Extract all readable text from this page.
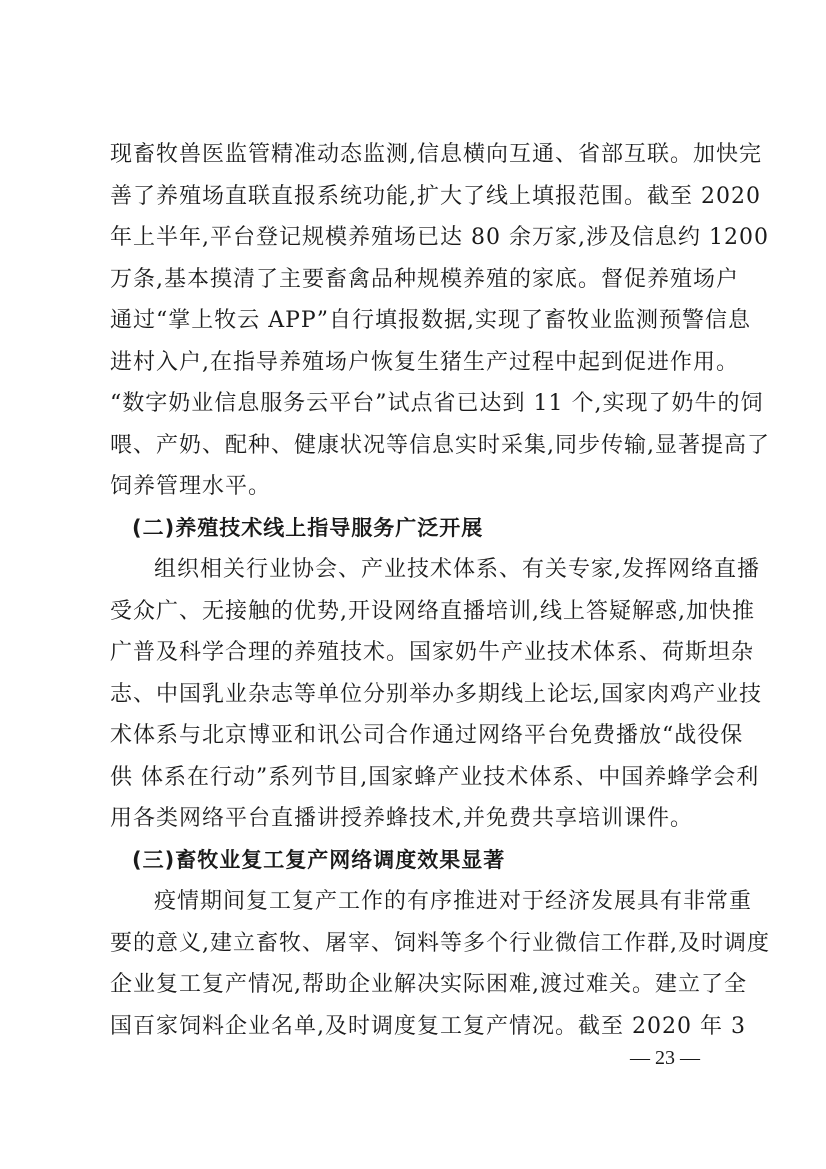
现畜牧兽医监管精准动态监测,信息横向互通、省部互联。加快完
善了养殖场直联直报系统功能,扩大了线上填报范围。截至 2020
年上半年,平台登记规模养殖场已达 80 余万家,涉及信息约 1200
万条,基本摸清了主要畜禽品种规模养殖的家底。督促养殖场户
通过“掌上牧云 APP”自行填报数据,实现了畜牧业监测预警信息
进村入户,在指导养殖场户恢复生猪生产过程中起到促进作用。
“数字奶业信息服务云平台”试点省已达到 11 个,实现了奶牛的饲
喂、产奶、配种、健康状况等信息实时采集,同步传输,显著提高了
饲养管理水平。
(二)养殖技术线上指导服务广泛开展
组织相关行业协会、产业技术体系、有关专家,发挥网络直播
受众广、无接触的优势,开设网络直播培训,线上答疑解惑,加快推
广普及科学合理的养殖技术。国家奶牛产业技术体系、荷斯坦杂
志、中国乳业杂志等单位分别举办多期线上论坛,国家肉鸡产业技
术体系与北京博亚和讯公司合作通过网络平台免费播放“战役保
供 体系在行动”系列节目,国家蜂产业技术体系、中国养蜂学会利
用各类网络平台直播讲授养蜂技术,并免费共享培训课件。
(三)畜牧业复工复产网络调度效果显著
疫情期间复工复产工作的有序推进对于经济发展具有非常重
要的意义,建立畜牧、屠宰、饲料等多个行业微信工作群,及时调度
企业复工复产情况,帮助企业解决实际困难,渡过难关。建立了全
国百家饲料企业名单,及时调度复工复产情况。截至 2020 年 3
— 23 —
